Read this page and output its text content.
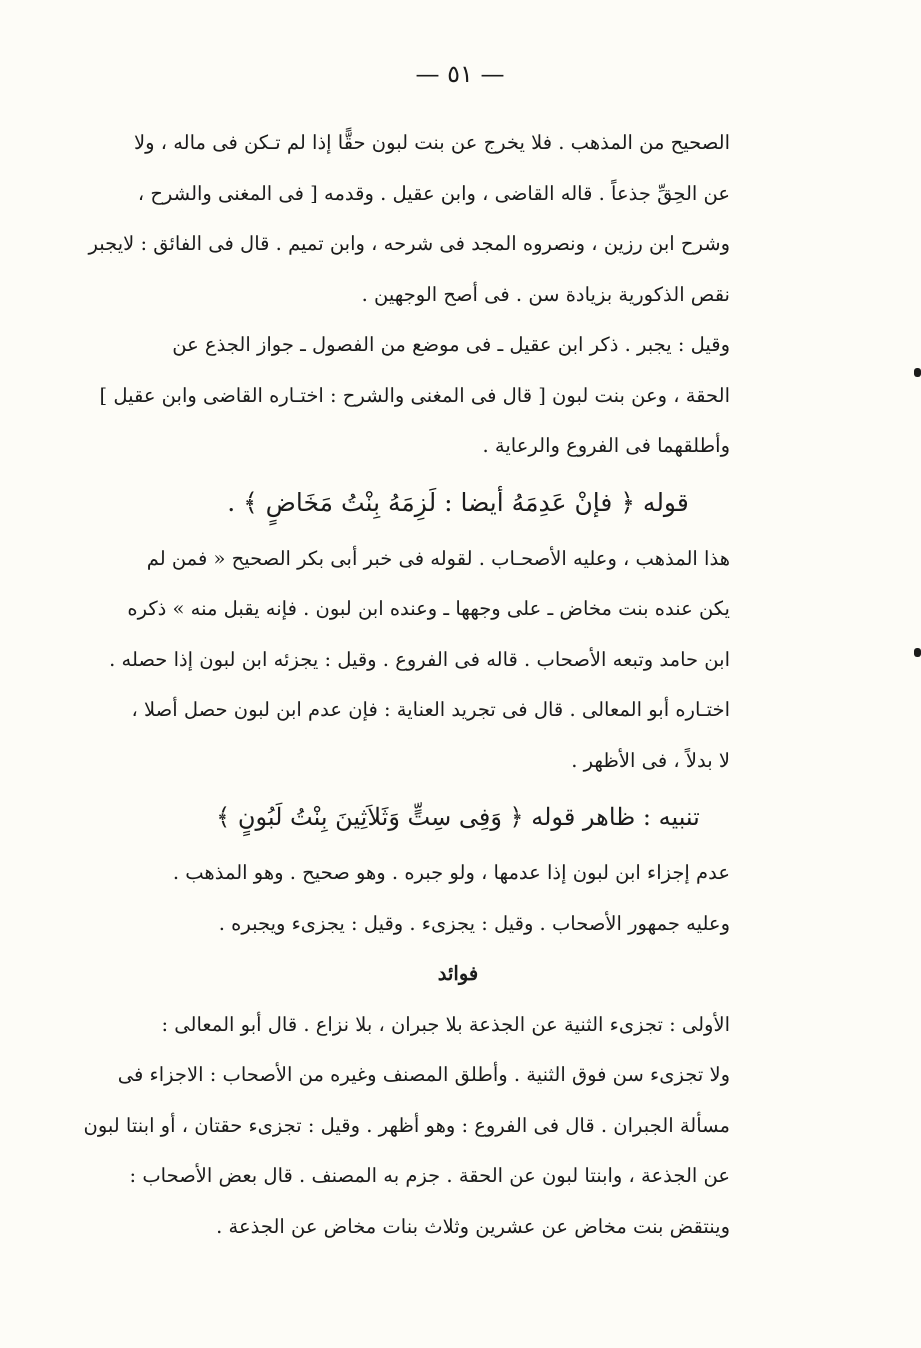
— ٥١ —
الصحيح من المذهب . فلا يخرج عن بنت لبون حقًّا إذا لم تـكن فى ماله ، ولا
عن الحِقِّ جذعاً . قاله القاضى ، وابن عقيل . وقدمه [ فى المغنى والشرح ،
وشرح ابن رزين ، ونصروه المجد فى شرحه ، وابن تميم . قال فى الفائق : لايجبر
نقص الذكورية بزيادة سن . فى أصح الوجهين .
وقيل : يجبر . ذكر ابن عقيل ـ فى موضع من الفصول ـ جواز الجذع عن
الحقة ، وعن بنت لبون [ قال فى المغنى والشرح : اختـاره القاضى وابن عقيل ]
وأطلقهما فى الفروع والرعاية .
قوله ﴿ فإنْ عَدِمَهُ أيضا : لَزِمَهُ بِنْتُ مَخَاضٍ ﴾ .
هذا المذهب ، وعليه الأصحـاب . لقوله فى خبر أبى بكر الصحيح « فمن لم
يكن عنده بنت مخاض ـ على وجهها ـ وعنده ابن لبون . فإنه يقبل منه » ذكره
ابن حامد وتبعه الأصحاب . قاله فى الفروع . وقيل : يجزئه ابن لبون إذا حصله .
اختـاره أبو المعالى . قال فى تجريد العناية : فإن عدم ابن لبون حصل أصلا ،
لا بدلاً ، فى الأظهر .
تنبيه : ظاهر قوله ﴿ وَفِى سِتٍّ وَثَلاَثِينَ بِنْتُ لَبُونٍ ﴾
عدم إجزاء ابن لبون إذا عدمها ، ولو جبره . وهو صحيح . وهو المذهب .
وعليه جمهور الأصحاب . وقيل : يجزىء . وقيل : يجزىء ويجبره .
فوائد
الأولى : تجزىء الثنية عن الجذعة بلا جبران ، بلا نزاع . قال أبو المعالى :
ولا تجزىء سن فوق الثنية . وأطلق المصنف وغيره من الأصحاب : الاجزاء فى
مسألة الجبران . قال فى الفروع : وهو أظهر . وقيل : تجزىء حقتان ، أو ابنتا لبون
عن الجذعة ، وابنتا لبون عن الحقة . جزم به المصنف . قال بعض الأصحاب :
وينتقض بنت مخاض عن عشرين وثلاث بنات مخاض عن الجذعة .
